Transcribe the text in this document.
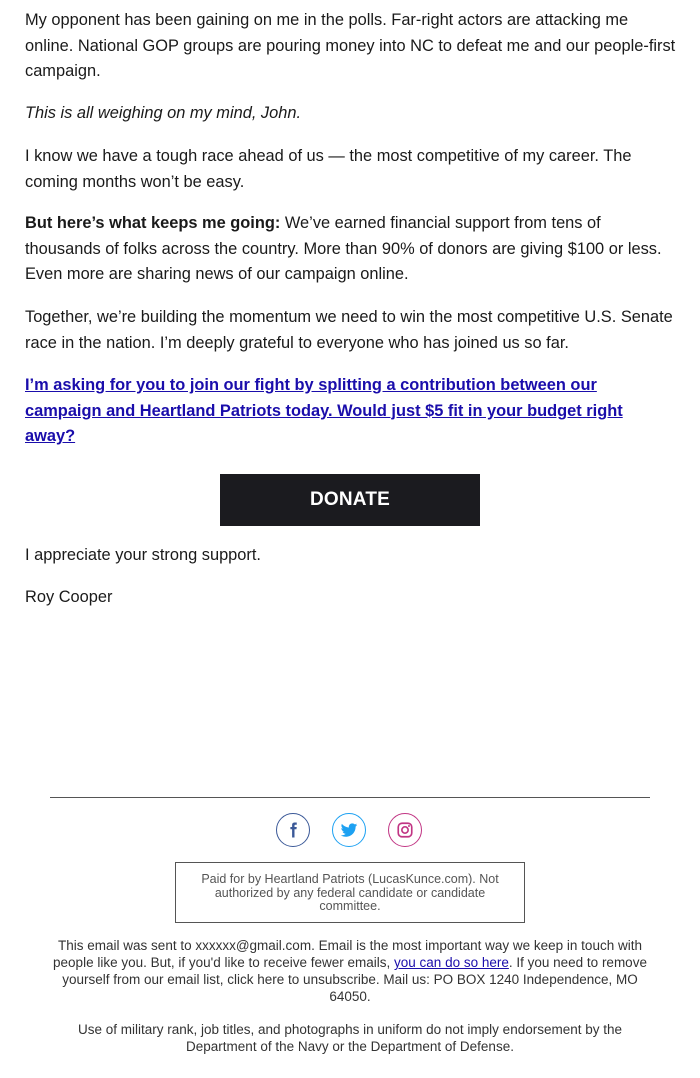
My opponent has been gaining on me in the polls. Far-right actors are attacking me online. National GOP groups are pouring money into NC to defeat me and our people-first campaign.

This is all weighing on my mind, John.

I know we have a tough race ahead of us — the most competitive of my career. The coming months won’t be easy.

But here’s what keeps me going: We’ve earned financial support from tens of thousands of folks across the country. More than 90% of donors are giving $100 or less. Even more are sharing news of our campaign online.

Together, we’re building the momentum we need to win the most competitive U.S. Senate race in the nation. I’m deeply grateful to everyone who has joined us so far.

I’m asking for you to join our fight by splitting a contribution between our campaign and Heartland Patriots today. Would just $5 fit in your budget right away?

I appreciate your strong support.

Roy Cooper

DONATE
Paid for by Heartland Patriots (LucasKunce.com). Not authorized by any federal candidate or candidate committee.
This email was sent to xxxxxx@gmail.com. Email is the most important way we keep in touch with people like you. But, if you'd like to receive fewer emails, you can do so here. If you need to remove yourself from our email list, click here to unsubscribe. Mail us: PO BOX 1240 Independence, MO 64050.
Use of military rank, job titles, and photographs in uniform do not imply endorsement by the Department of the Navy or the Department of Defense.
